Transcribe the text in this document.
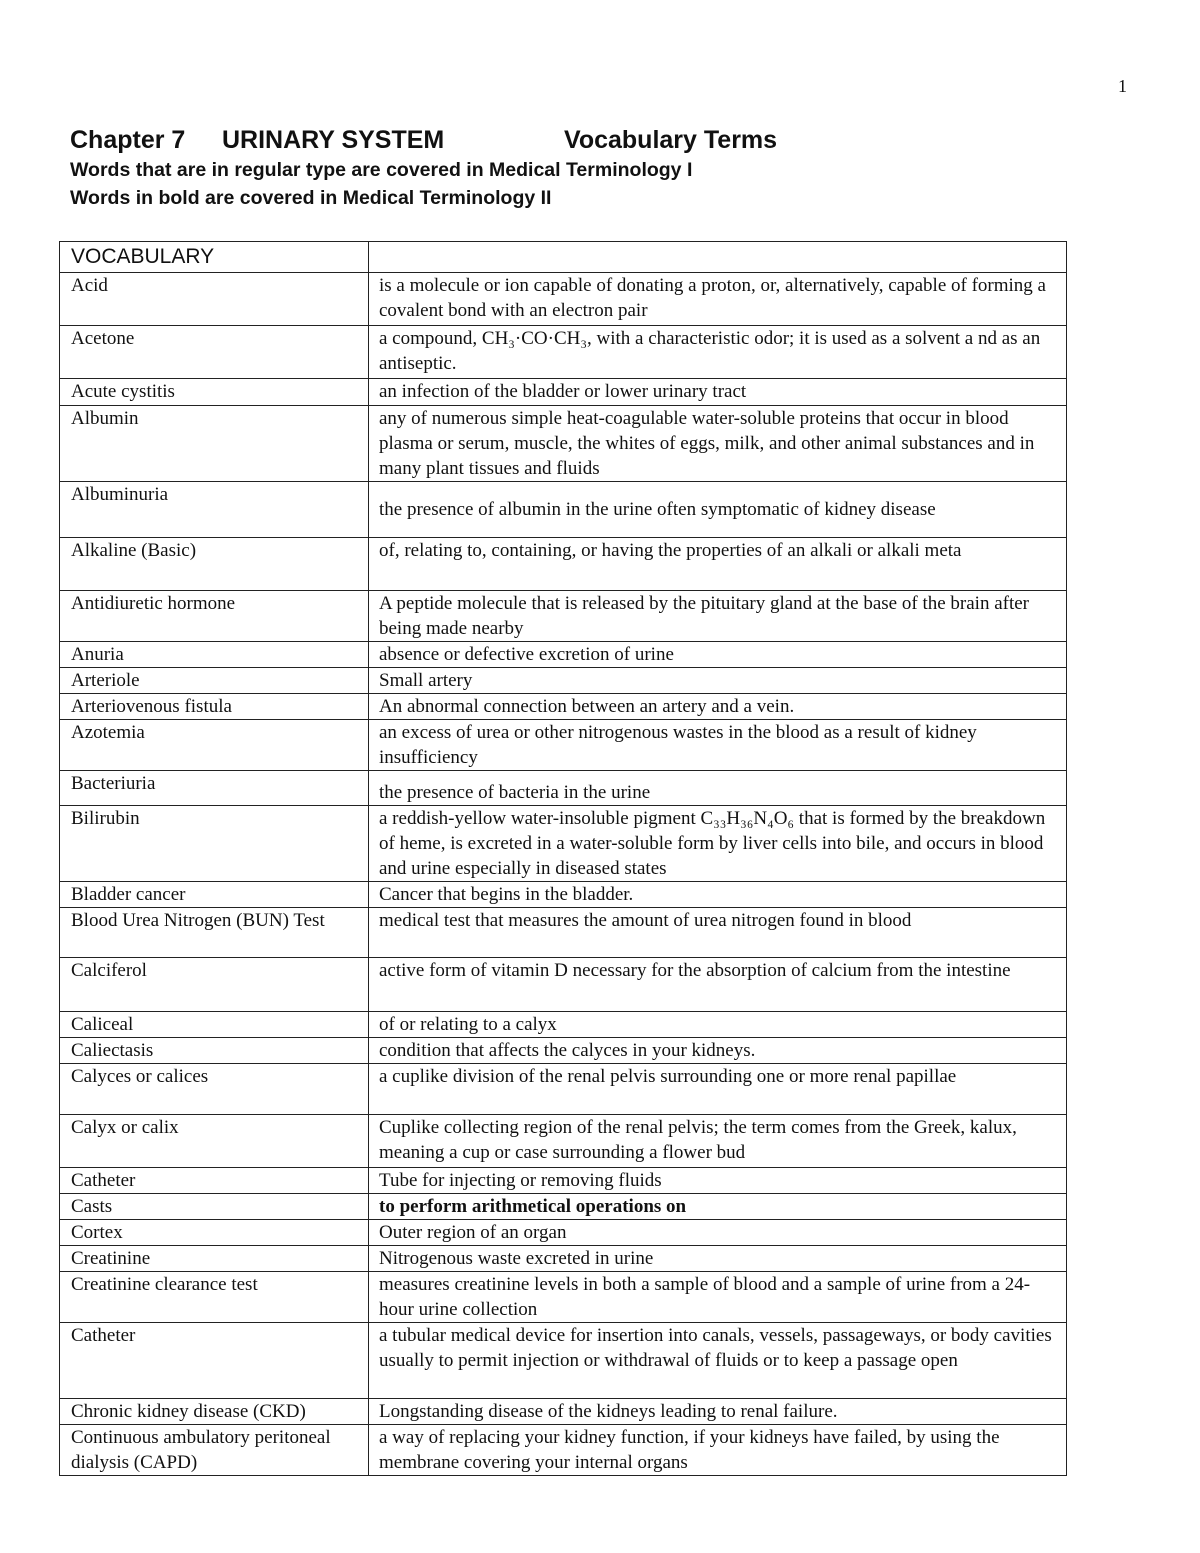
1
Chapter 7 URINARY SYSTEM	Vocabulary Terms
Words that are in regular type are covered in Medical Terminology I
Words in bold are covered in Medical Terminology II
VOCABULARY	
Acid	is a molecule or ion capable of donating a proton, or, alternatively, capable of forming a covalent bond with an electron pair
Acetone	a compound, CH₃·CO·CH₃, with a characteristic odor; it is used as a solvent a nd as an antiseptic.
Acute cystitis	an infection of the bladder or lower urinary tract
Albumin	any of numerous simple heat-coagulable water-soluble proteins that occur in blood plasma or serum, muscle, the whites of eggs, milk, and other animal substances and in many plant tissues and fluids
Albuminuria	the presence of albumin in the urine often symptomatic of kidney disease
Alkaline (Basic)	of, relating to, containing, or having the properties of an alkali or alkali meta
Antidiuretic hormone	A peptide molecule that is released by the pituitary gland at the base of the brain after being made nearby
Anuria	absence or defective excretion of urine
Arteriole	Small artery
Arteriovenous fistula	An abnormal connection between an artery and a vein.
Azotemia	an excess of urea or other nitrogenous wastes in the blood as a result of kidney insufficiency
Bacteriuria	the presence of bacteria in the urine
Bilirubin	a reddish-yellow water-insoluble pigment C₃₃H₃₆N₄O₆ that is formed by the breakdown of heme, is excreted in a water-soluble form by liver cells into bile, and occurs in blood and urine especially in diseased states
Bladder cancer	Cancer that begins in the bladder.
Blood Urea Nitrogen (BUN) Test	medical test that measures the amount of urea nitrogen found in blood
Calciferol	active form of vitamin D necessary for the absorption of calcium from the intestine
Caliceal	of or relating to a calyx
Caliectasis	condition that affects the calyces in your kidneys.
Calyces or calices	a cuplike division of the renal pelvis surrounding one or more renal papillae
Calyx or calix	Cuplike collecting region of the renal pelvis; the term comes from the Greek, kalux, meaning a cup or case surrounding a flower bud
Catheter	Tube for injecting or removing fluids
Casts	to perform arithmetical operations on
Cortex	Outer region of an organ
Creatinine	Nitrogenous waste excreted in urine
Creatinine clearance test	measures creatinine levels in both a sample of blood and a sample of urine from a 24-hour urine collection
Catheter	a tubular medical device for insertion into canals, vessels, passageways, or body cavities usually to permit injection or withdrawal of fluids or to keep a passage open
Chronic kidney disease (CKD)	Longstanding disease of the kidneys leading to renal failure.
Continuous ambulatory peritoneal dialysis (CAPD)	a way of replacing your kidney function, if your kidneys have failed, by using the membrane covering your internal organs
